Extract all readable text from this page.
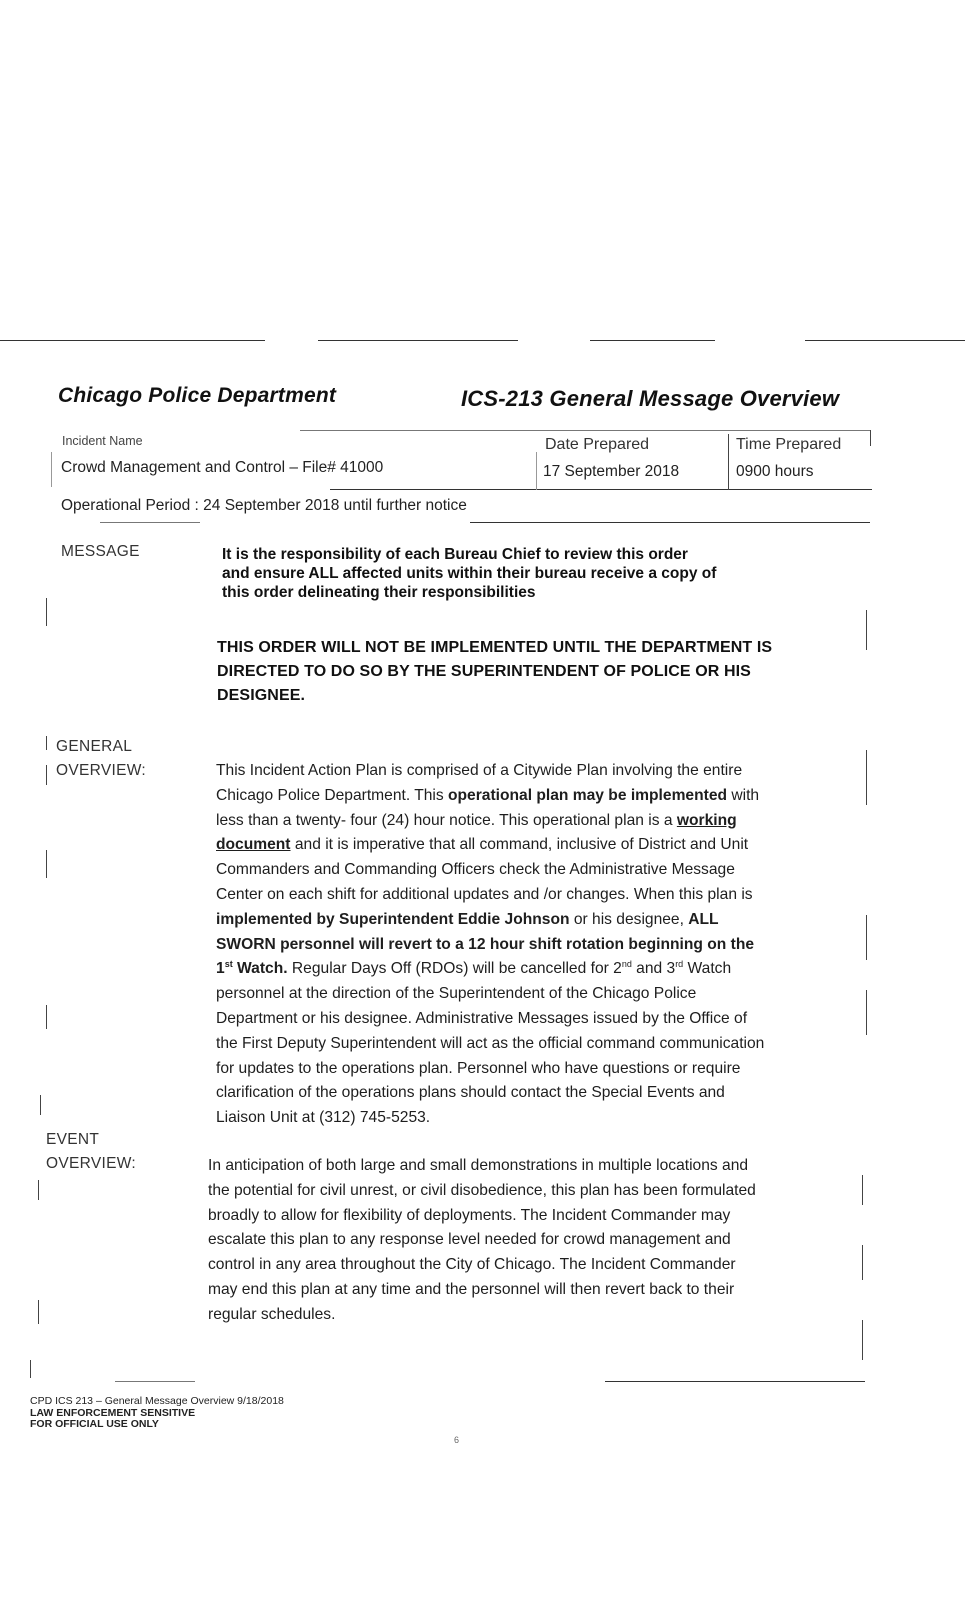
Chicago Police Department	ICS-213 General Message Overview
Incident Name
Crowd Management and Control – File# 41000
Date Prepared
17 September 2018
Time Prepared
0900 hours
Operational Period : 24 September 2018 until further notice
MESSAGE	It is the responsibility of each Bureau Chief to review this order
and ensure ALL affected units within their bureau receive a copy of
this order delineating their responsibilities
THIS ORDER WILL NOT BE IMPLEMENTED UNTIL THE DEPARTMENT IS
DIRECTED TO DO SO BY THE SUPERINTENDENT OF POLICE OR HIS
DESIGNEE.
GENERAL
OVERVIEW:	This Incident Action Plan is comprised of a Citywide Plan involving the entire
Chicago Police Department. This operational plan may be implemented with
less than a twenty- four (24) hour notice. This operational plan is a working
document and it is imperative that all command, inclusive of District and Unit
Commanders and Commanding Officers check the Administrative Message
Center on each shift for additional updates and /or changes. When this plan is
implemented by Superintendent Eddie Johnson or his designee, ALL
SWORN personnel will revert to a 12 hour shift rotation beginning on the
1st Watch. Regular Days Off (RDOs) will be cancelled for 2nd and 3rd Watch
personnel at the direction of the Superintendent of the Chicago Police
Department or his designee. Administrative Messages issued by the Office of
the First Deputy Superintendent will act as the official command communication
for updates to the operations plan. Personnel who have questions or require
clarification of the operations plans should contact the Special Events and
Liaison Unit at (312) 745-5253.
EVENT
OVERVIEW:	In anticipation of both large and small demonstrations in multiple locations and
the potential for civil unrest, or civil disobedience, this plan has been formulated
broadly to allow for flexibility of deployments. The Incident Commander may
escalate this plan to any response level needed for crowd management and
control in any area throughout the City of Chicago. The Incident Commander
may end this plan at any time and the personnel will then revert back to their
regular schedules.
CPD ICS 213 – General Message Overview 9/18/2018
LAW ENFORCEMENT SENSITIVE
FOR OFFICIAL USE ONLY
6
